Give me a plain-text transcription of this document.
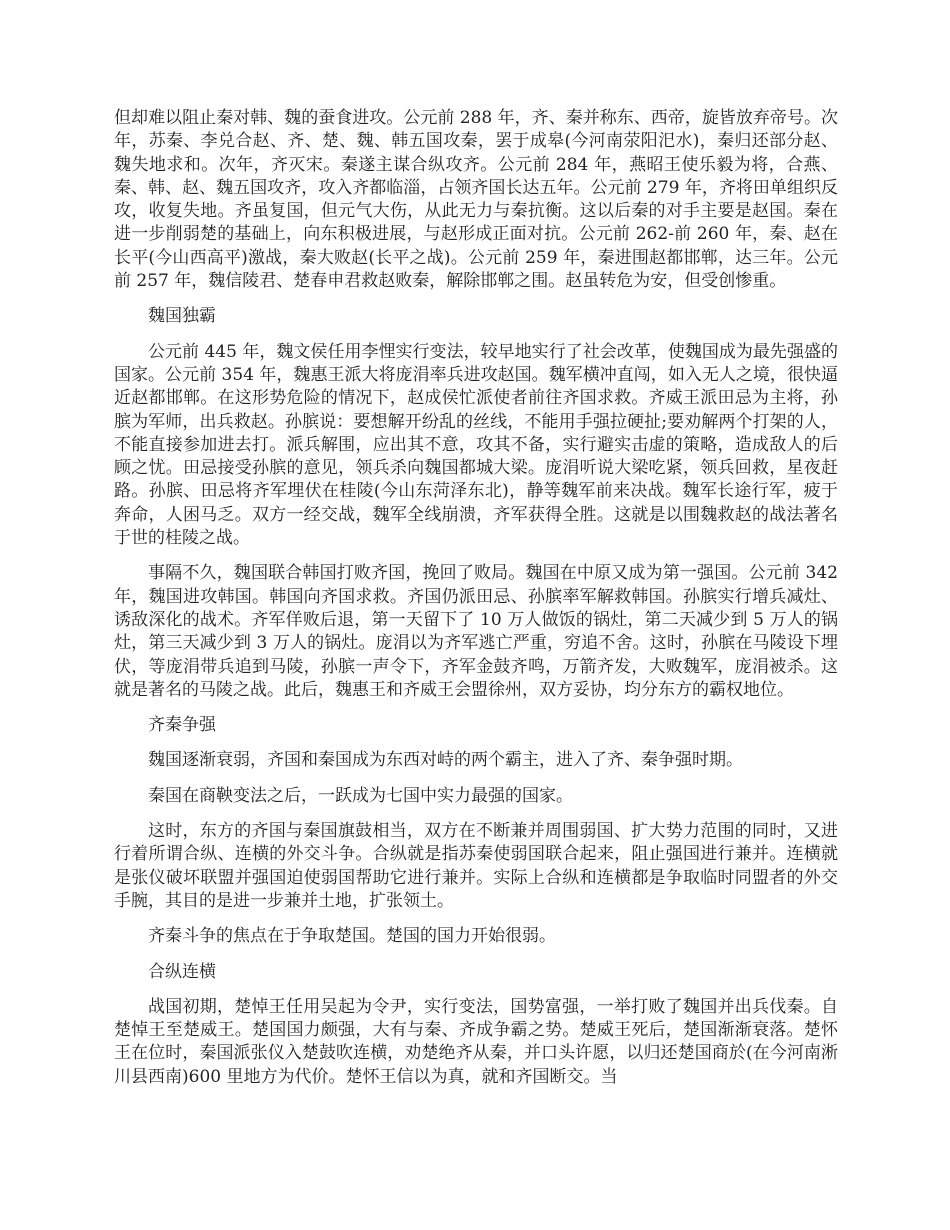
但却难以阻止秦对韩、魏的蚕食进攻。公元前 288 年，齐、秦并称东、西帝，旋皆放弃帝号。次年，苏秦、李兑合赵、齐、楚、魏、韩五国攻秦，罢于成皋(今河南荥阳汜水)，秦归还部分赵、魏失地求和。次年，齐灭宋。秦遂主谋合纵攻齐。公元前 284 年，燕昭王使乐毅为将，合燕、秦、韩、赵、魏五国攻齐，攻入齐都临淄，占领齐国长达五年。公元前 279 年，齐将田单组织反攻，收复失地。齐虽复国，但元气大伤，从此无力与秦抗衡。这以后秦的对手主要是赵国。秦在进一步削弱楚的基础上，向东积极进展，与赵形成正面对抗。公元前 262-前 260 年，秦、赵在长平(今山西高平)激战，秦大败赵(长平之战)。公元前 259 年，秦进围赵都邯郸，达三年。公元前 257 年，魏信陵君、楚春申君救赵败秦，解除邯郸之围。赵虽转危为安，但受创惨重。

魏国独霸

公元前 445 年，魏文侯任用李悝实行变法，较早地实行了社会改革，使魏国成为最先强盛的国家。公元前 354 年，魏惠王派大将庞涓率兵进攻赵国。魏军横冲直闯，如入无人之境，很快逼近赵都邯郸。在这形势危险的情况下，赵成侯忙派使者前往齐国求救。齐威王派田忌为主将，孙膑为军师，出兵救赵。孙膑说：要想解开纷乱的丝线，不能用手强拉硬扯;要劝解两个打架的人，不能直接参加进去打。派兵解围，应出其不意，攻其不备，实行避实击虚的策略，造成敌人的后顾之忧。田忌接受孙膑的意见，领兵杀向魏国都城大梁。庞涓听说大梁吃紧，领兵回救，星夜赶路。孙膑、田忌将齐军埋伏在桂陵(今山东菏泽东北)，静等魏军前来决战。魏军长途行军，疲于奔命，人困马乏。双方一经交战，魏军全线崩溃，齐军获得全胜。这就是以围魏救赵的战法著名于世的桂陵之战。

事隔不久，魏国联合韩国打败齐国，挽回了败局。魏国在中原又成为第一强国。公元前 342 年，魏国进攻韩国。韩国向齐国求救。齐国仍派田忌、孙膑率军解救韩国。孙膑实行增兵减灶、诱敌深化的战术。齐军佯败后退，第一天留下了 10 万人做饭的锅灶，第二天减少到 5 万人的锅灶，第三天减少到 3 万人的锅灶。庞涓以为齐军逃亡严重，穷追不舍。这时，孙膑在马陵设下埋伏，等庞涓带兵追到马陵，孙膑一声令下，齐军金鼓齐鸣，万箭齐发，大败魏军，庞涓被杀。这就是著名的马陵之战。此后，魏惠王和齐威王会盟徐州，双方妥协，均分东方的霸权地位。

齐秦争强

魏国逐渐衰弱，齐国和秦国成为东西对峙的两个霸主，进入了齐、秦争强时期。

秦国在商鞅变法之后，一跃成为七国中实力最强的国家。

这时，东方的齐国与秦国旗鼓相当，双方在不断兼并周围弱国、扩大势力范围的同时，又进行着所谓合纵、连横的外交斗争。合纵就是指苏秦使弱国联合起来，阻止强国进行兼并。连横就是张仪破坏联盟并强国迫使弱国帮助它进行兼并。实际上合纵和连横都是争取临时同盟者的外交手腕，其目的是进一步兼并土地，扩张领土。

齐秦斗争的焦点在于争取楚国。楚国的国力开始很弱。

合纵连横

战国初期，楚悼王任用吴起为令尹，实行变法，国势富强，一举打败了魏国并出兵伐秦。自楚悼王至楚威王。楚国国力颇强，大有与秦、齐成争霸之势。楚威王死后，楚国渐渐衰落。楚怀王在位时，秦国派张仪入楚鼓吹连横，劝楚绝齐从秦，并口头许愿，以归还楚国商於(在今河南淅川县西南)600 里地方为代价。楚怀王信以为真，就和齐国断交。当
